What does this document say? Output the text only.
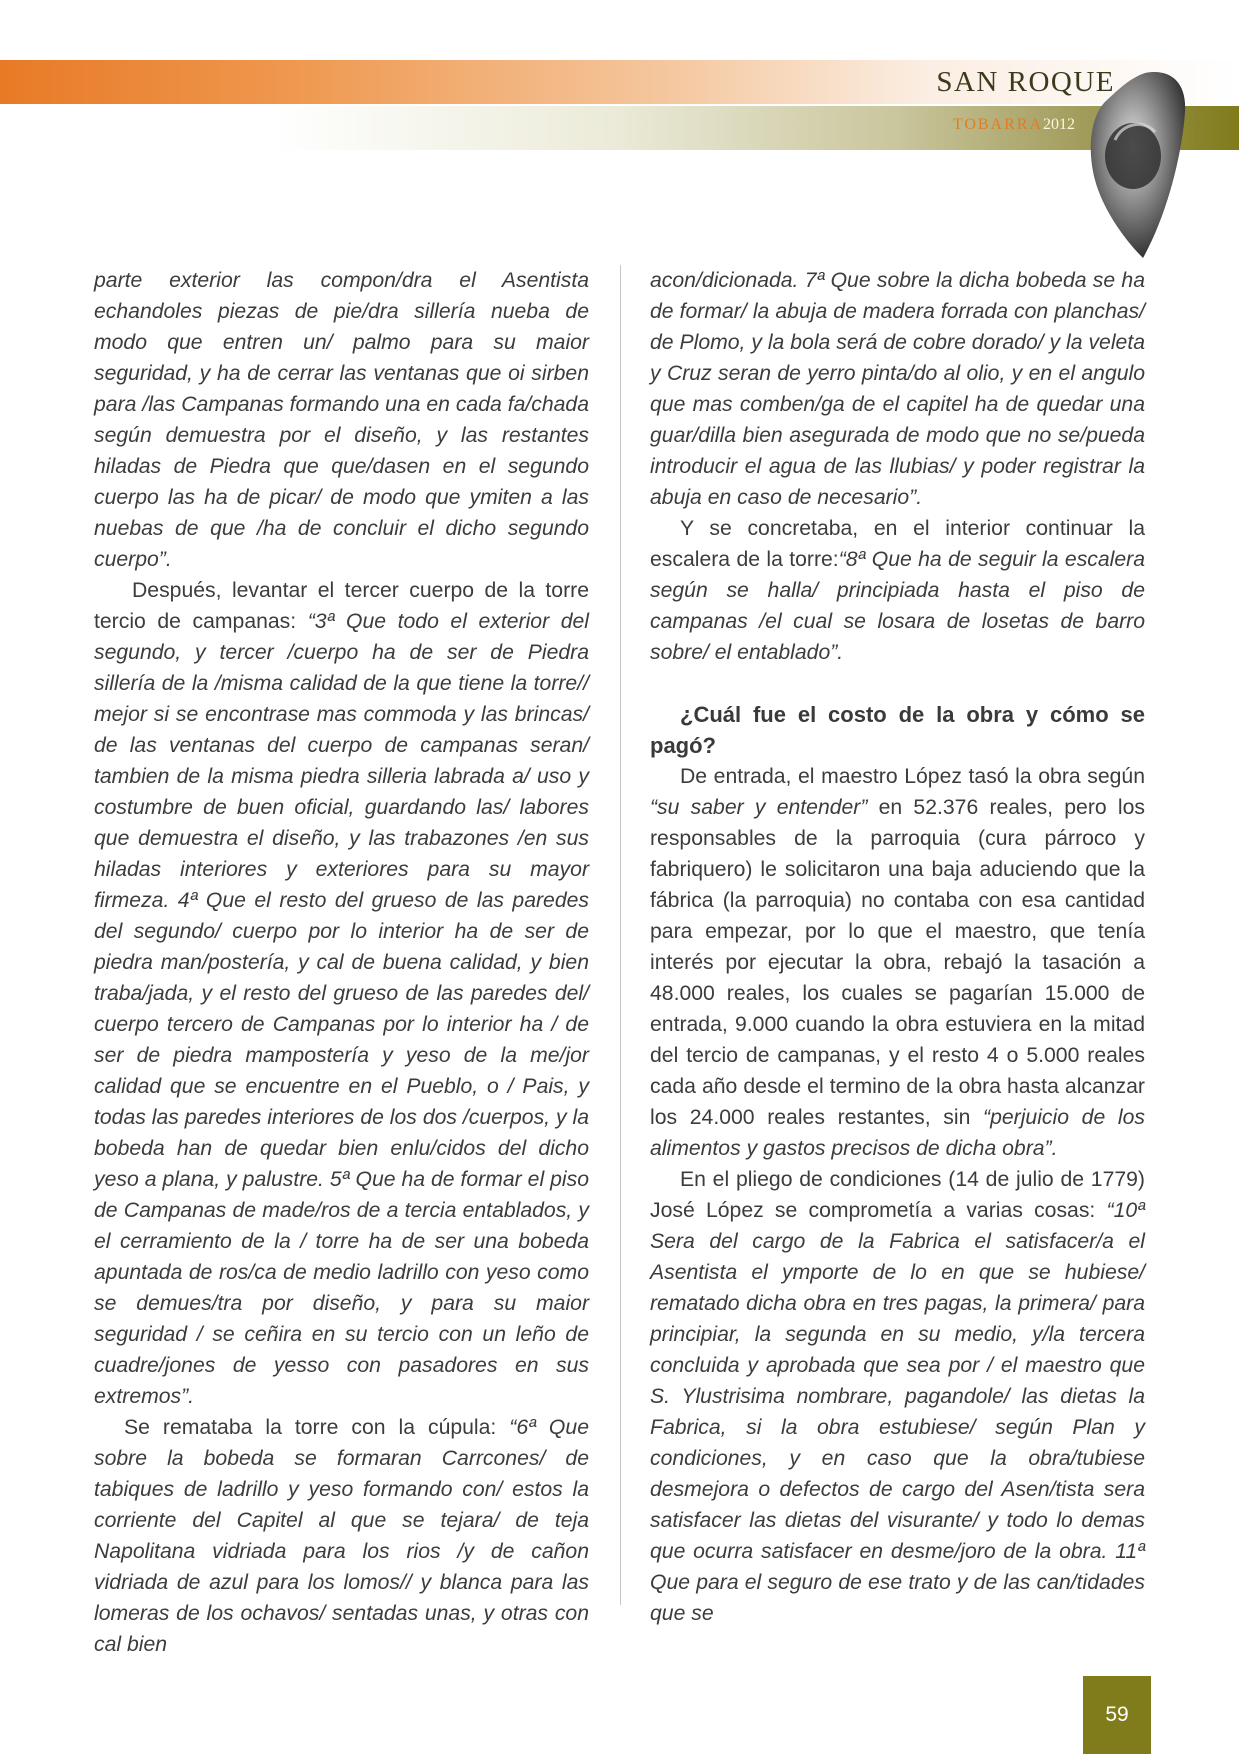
SAN ROQUE
TOBARRA2012

parte exterior las compon/dra el Asentista echandoles piezas de pie/dra sillería nueba de modo que entren un/ palmo para su maior seguridad, y ha de cerrar las ventanas que oi sirben para /las Campanas formando una en cada fa/chada según demuestra por el diseño, y las restantes hiladas de Piedra que que/dasen en el segundo cuerpo las ha de picar/ de modo que ymiten a las nuebas de que /ha de concluir el dicho segundo cuerpo”.

Después, levantar el tercer cuerpo de la torre tercio de campanas: “3ª Que todo el exterior del segundo, y tercer /cuerpo ha de ser de Piedra sillería de la /misma calidad de la que tiene la torre// mejor si se encontrase mas commoda y las brincas/ de las ventanas del cuerpo de campanas seran/ tambien de la misma piedra silleria labrada a/ uso y costumbre de buen oficial, guardando las/ labores que demuestra el diseño, y las trabazones /en sus hiladas interiores y exteriores para su mayor firmeza. 4ª Que el resto del grueso de las paredes del segundo/ cuerpo por lo interior ha de ser de piedra man/postería, y cal de buena calidad, y bien traba/jada, y el resto del grueso de las paredes del/ cuerpo tercero de Campanas por lo interior ha / de ser de piedra mampostería y yeso de la me/jor calidad que se encuentre en el Pueblo, o / Pais, y todas las paredes interiores de los dos /cuerpos, y la bobeda han de quedar bien enlu/cidos del dicho yeso a plana, y palustre. 5ª Que ha de formar el piso de Campanas de made/ros de a tercia entablados, y el cerramiento de la / torre ha de ser una bobeda apuntada de ros/ca de medio ladrillo con yeso como se demues/tra por diseño, y para su maior seguridad / se ceñira en su tercio con un leño de cuadre/jones de yesso con pasadores en sus extremos”.

Se remataba la torre con la cúpula: “6ª Que sobre la bobeda se formaran Carrcones/ de tabiques de ladrillo y yeso formando con/ estos la corriente del Capitel al que se tejara/ de teja Napolitana vidriada para los rios /y de cañon vidriada de azul para los lomos// y blanca para las lomeras de los ochavos/ sentadas unas, y otras con cal bien

acon/dicionada. 7ª Que sobre la dicha bobeda se ha de formar/ la abuja de madera forrada con planchas/ de Plomo, y la bola será de cobre dorado/ y la veleta y Cruz seran de yerro pinta/do al olio, y en el angulo que mas comben/ga de el capitel ha de quedar una guar/dilla bien asegurada de modo que no se/pueda introducir el agua de las llubias/ y poder registrar la abuja en caso de necesario”.

Y se concretaba, en el interior continuar la escalera de la torre:“8ª Que ha de seguir la escalera según se halla/ principiada hasta el piso de campanas /el cual se losara de losetas de barro sobre/ el entablado”.

¿Cuál fue el costo de la obra y cómo se pagó?

De entrada, el maestro López tasó la obra según “su saber y entender” en 52.376 reales, pero los responsables de la parroquia (cura párroco y fabriquero) le solicitaron una baja aduciendo que la fábrica (la parroquia) no contaba con esa cantidad para empezar, por lo que el maestro, que tenía interés por ejecutar la obra, rebajó la tasación a 48.000 reales, los cuales se pagarían 15.000 de entrada, 9.000 cuando la obra estuviera en la mitad del tercio de campanas, y el resto 4 o 5.000 reales cada año desde el termino de la obra hasta alcanzar los 24.000 reales restantes, sin “perjuicio de los alimentos y gastos precisos de dicha obra”.

En el pliego de condiciones (14 de julio de 1779) José López se comprometía a varias cosas: “10ª Sera del cargo de la Fabrica el satisfacer/a el Asentista el ymporte de lo en que se hubiese/ rematado dicha obra en tres pagas, la primera/ para principiar, la segunda en su medio, y/la tercera concluida y aprobada que sea por / el maestro que S. Ylustrisima nombrare, pagandole/ las dietas la Fabrica, si la obra estubiese/ según Plan y condiciones, y en caso que la obra/tubiese desmejora o defectos de cargo del Asen/tista sera satisfacer las dietas del visurante/ y todo lo demas que ocurra satisfacer en desme/joro de la obra. 11ª Que para el seguro de ese trato y de las can/tidades que se

59
